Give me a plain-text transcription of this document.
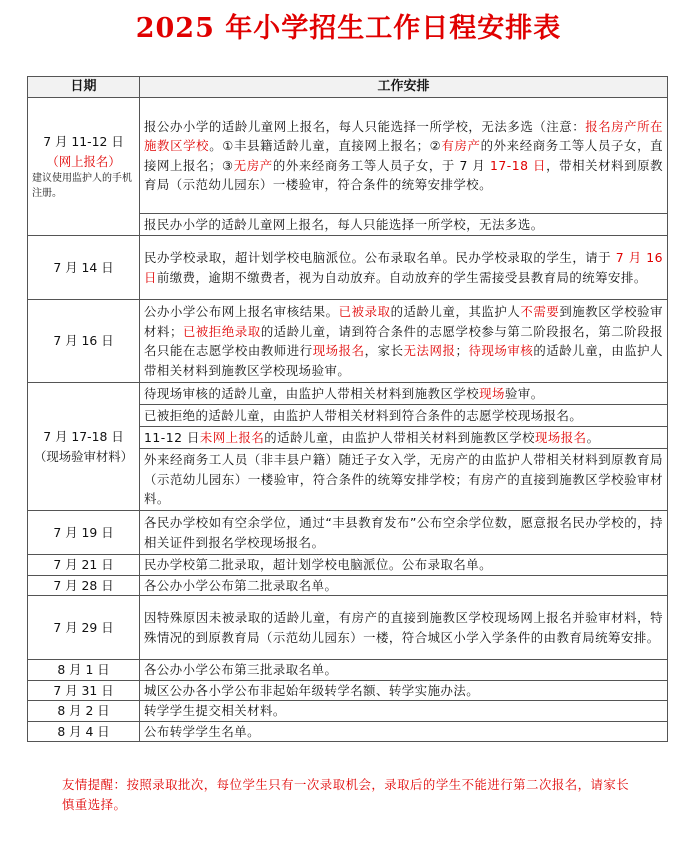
2025 年小学招生工作日程安排表
日期	工作安排

7 月 11-12 日
（网上报名）
建议使用监护人的手机注册。	报公办小学的适龄儿童网上报名，每人只能选择一所学校，无法多选（注意：报名房产所在施教区学校。①丰县籍适龄儿童，直接网上报名；②有房产的外来经商务工等人员子女，直接网上报名；③无房产的外来经商务工等人员子女，于 7 月 17-18 日，带相关材料到原教育局（示范幼儿园东）一楼验审，符合条件的统筹安排学校。
	报民办小学的适龄儿童网上报名，每人只能选择一所学校，无法多选。

7 月 14 日	民办学校录取，超计划学校电脑派位。公布录取名单。民办学校录取的学生，请于 7 月 16 日前缴费，逾期不缴费者，视为自动放弃。自动放弃的学生需接受县教育局的统筹安排。

7 月 16 日	公办小学公布网上报名审核结果。已被录取的适龄儿童，其监护人不需要到施教区学校验审材料；已被拒绝录取的适龄儿童，请到符合条件的志愿学校参与第二阶段报名，第二阶段报名只能在志愿学校由教师进行现场报名，家长无法网报；待现场审核的适龄儿童，由监护人带相关材料到施教区学校现场验审。

7 月 17-18 日
（现场验审材料）	待现场审核的适龄儿童，由监护人带相关材料到施教区学校现场验审。
	已被拒绝的适龄儿童，由监护人带相关材料到符合条件的志愿学校现场报名。
	11-12 日未网上报名的适龄儿童，由监护人带相关材料到施教区学校现场报名。
	外来经商务工人员（非丰县户籍）随迁子女入学，无房产的由监护人带相关材料到原教育局（示范幼儿园东）一楼验审，符合条件的统筹安排学校；有房产的直接到施教区学校验审材料。

7 月 19 日	各民办学校如有空余学位，通过“丰县教育发布”公布空余学位数，愿意报名民办学校的，持相关证件到报名学校现场报名。

7 月 21 日	民办学校第二批录取，超计划学校电脑派位。公布录取名单。

7 月 28 日	各公办小学公布第二批录取名单。

7 月 29 日	因特殊原因未被录取的适龄儿童，有房产的直接到施教区学校现场网上报名并验审材料，特殊情况的到原教育局（示范幼儿园东）一楼，符合城区小学入学条件的由教育局统筹安排。

8 月 1 日	各公办小学公布第三批录取名单。

7 月 31 日	城区公办各小学公布非起始年级转学名额、转学实施办法。

8 月 2 日	转学学生提交相关材料。

8 月 4 日	公布转学学生名单。
友情提醒：按照录取批次，每位学生只有一次录取机会，录取后的学生不能进行第二次报名，请家长慎重选择。
